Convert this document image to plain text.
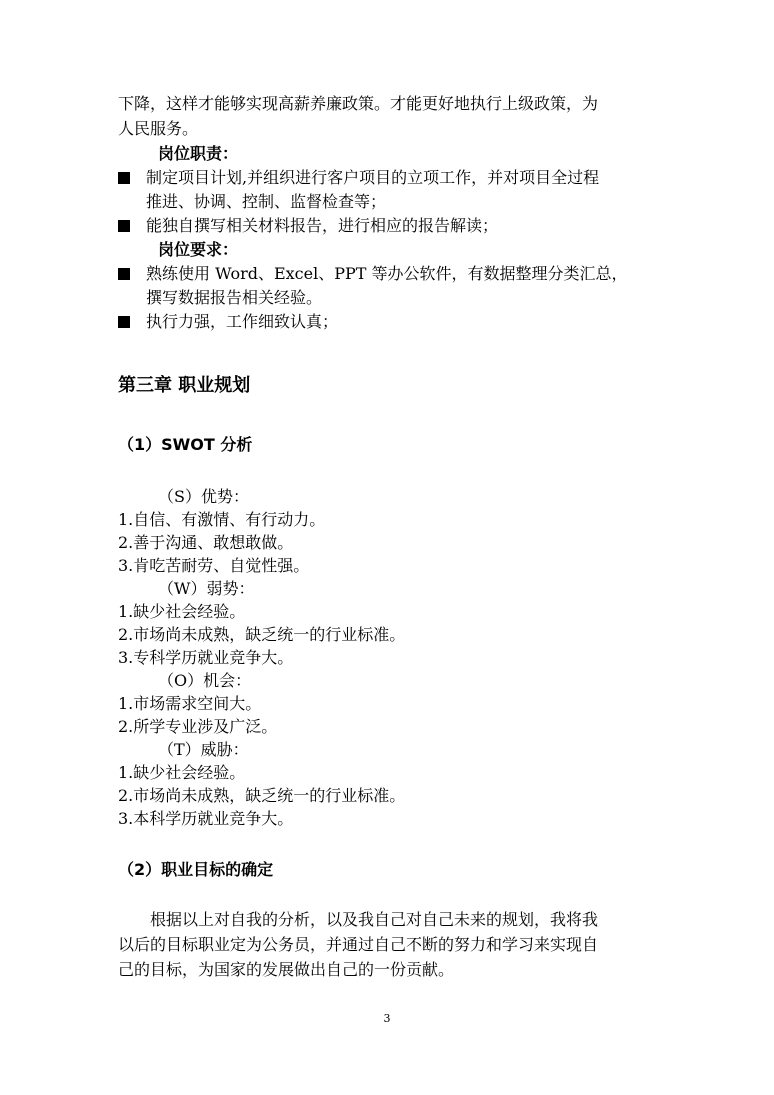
下降，这样才能够实现高薪养廉政策。才能更好地执行上级政策，为
人民服务。
岗位职责：
制定项目计划,并组织进行客户项目的立项工作，并对项目全过程
推进、协调、控制、监督检查等；
能独自撰写相关材料报告，进行相应的报告解读；
岗位要求：
熟练使用 Word、Excel、PPT 等办公软件，有数据整理分类汇总，
撰写数据报告相关经验。
执行力强，工作细致认真；
第三章 职业规划
（1）SWOT 分析
（S）优势：
1.自信、有激情、有行动力。
2.善于沟通、敢想敢做。
3.肯吃苦耐劳、自觉性强。
（W）弱势：
1.缺少社会经验。
2.市场尚未成熟，缺乏统一的行业标准。
3.专科学历就业竞争大。
（O）机会：
1.市场需求空间大。
2.所学专业涉及广泛。
（T）威胁：
1.缺少社会经验。
2.市场尚未成熟，缺乏统一的行业标准。
3.本科学历就业竞争大。
（2）职业目标的确定
根据以上对自我的分析，以及我自己对自己未来的规划，我将我
以后的目标职业定为公务员，并通过自己不断的努力和学习来实现自
己的目标，为国家的发展做出自己的一份贡献。
3
